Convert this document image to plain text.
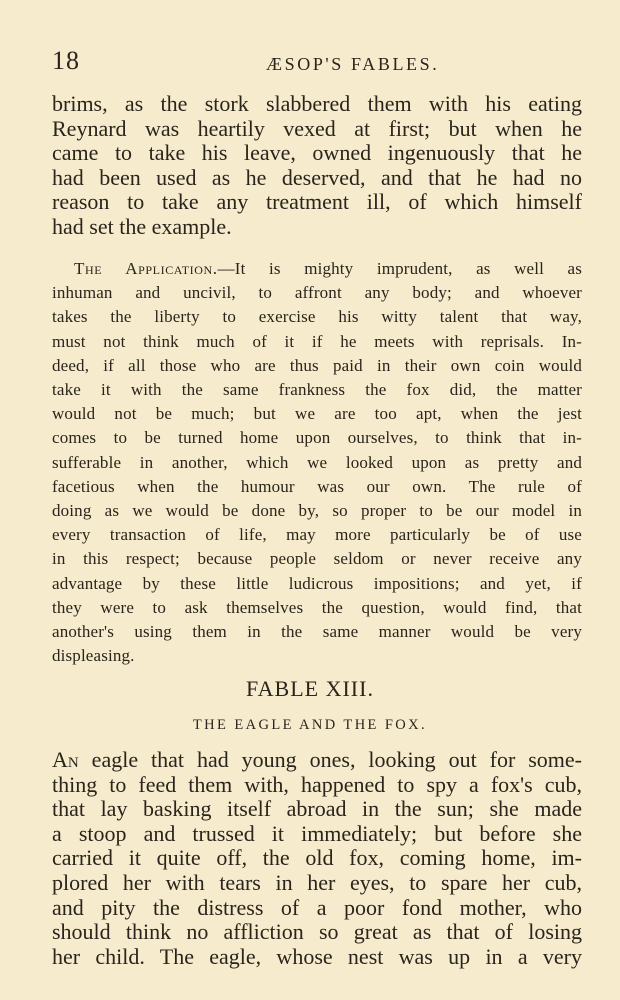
18	ÆSOP'S FABLES.
brims, as the stork slabbered them with his eating
Reynard was heartily vexed at first; but when he
came to take his leave, owned ingenuously that he
had been used as he deserved, and that he had no
reason to take any treatment ill, of which himself
had set the example.
The Application.—It is mighty imprudent, as well as
inhuman and uncivil, to affront any body; and whoever
takes the liberty to exercise his witty talent that way,
must not think much of it if he meets with reprisals. In-
deed, if all those who are thus paid in their own coin would
take it with the same frankness the fox did, the matter
would not be much; but we are too apt, when the jest
comes to be turned home upon ourselves, to think that in-
sufferable in another, which we looked upon as pretty and
facetious when the humour was our own. The rule of
doing as we would be done by, so proper to be our model in
every transaction of life, may more particularly be of use
in this respect; because people seldom or never receive any
advantage by these little ludicrous impositions; and yet, if
they were to ask themselves the question, would find, that
another's using them in the same manner would be very
displeasing.
FABLE XIII.
THE EAGLE AND THE FOX.
An eagle that had young ones, looking out for some-
thing to feed them with, happened to spy a fox's cub,
that lay basking itself abroad in the sun; she made
a stoop and trussed it immediately; but before she
carried it quite off, the old fox, coming home, im-
plored her with tears in her eyes, to spare her cub,
and pity the distress of a poor fond mother, who
should think no affliction so great as that of losing
her child. The eagle, whose nest was up in a very
